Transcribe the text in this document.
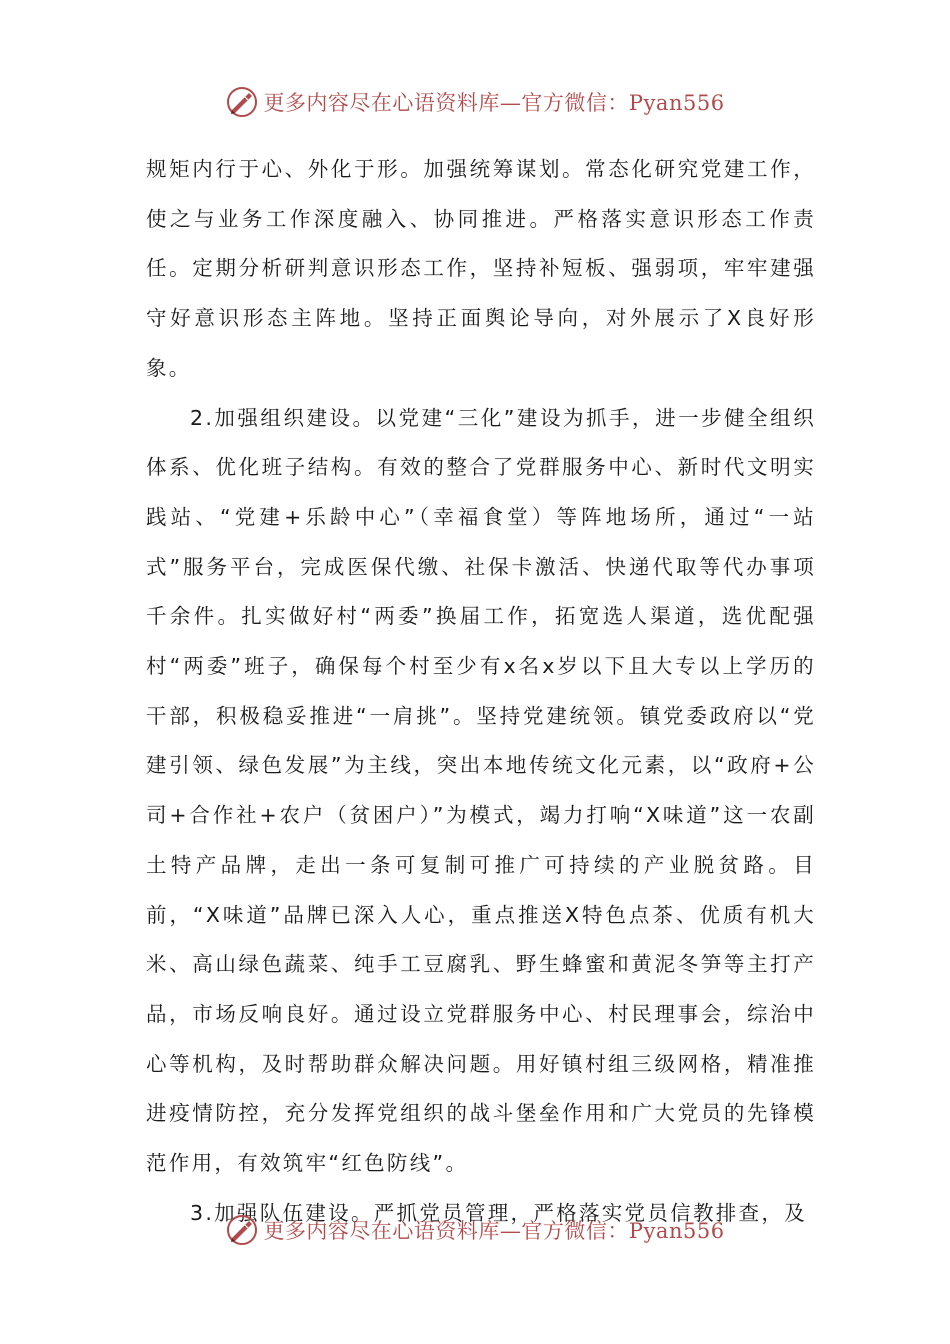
更多内容尽在心语资料库—官方微信：Pyan556

规矩内行于心、外化于形。加强统筹谋划。常态化研究党建工作，使之与业务工作深度融入、协同推进。严格落实意识形态工作责任。定期分析研判意识形态工作，坚持补短板、强弱项，牢牢建强守好意识形态主阵地。坚持正面舆论导向，对外展示了X良好形象。

2.加强组织建设。以党建“三化”建设为抓手，进一步健全组织体系、优化班子结构。有效的整合了党群服务中心、新时代文明实践站、“党建+乐龄中心”（幸福食堂）等阵地场所，通过“一站式”服务平台，完成医保代缴、社保卡激活、快递代取等代办事项千余件。扎实做好村“两委”换届工作，拓宽选人渠道，选优配强村“两委”班子，确保每个村至少有x名x岁以下且大专以上学历的干部，积极稳妥推进“一肩挑”。坚持党建统领。镇党委政府以“党建引领、绿色发展”为主线，突出本地传统文化元素，以“政府+公司+合作社+农户（贫困户）”为模式，竭力打响“X味道”这一农副土特产品牌，走出一条可复制可推广可持续的产业脱贫路。目前，“X味道”品牌已深入人心，重点推送X特色点茶、优质有机大米、高山绿色蔬菜、纯手工豆腐乳、野生蜂蜜和黄泥冬笋等主打产品，市场反响良好。通过设立党群服务中心、村民理事会，综治中心等机构，及时帮助群众解决问题。用好镇村组三级网格，精准推进疫情防控，充分发挥党组织的战斗堡垒作用和广大党员的先锋模范作用，有效筑牢“红色防线”。

3.加强队伍建设。严抓党员管理，严格落实党员信教排查，及

更多内容尽在心语资料库—官方微信：Pyan556
